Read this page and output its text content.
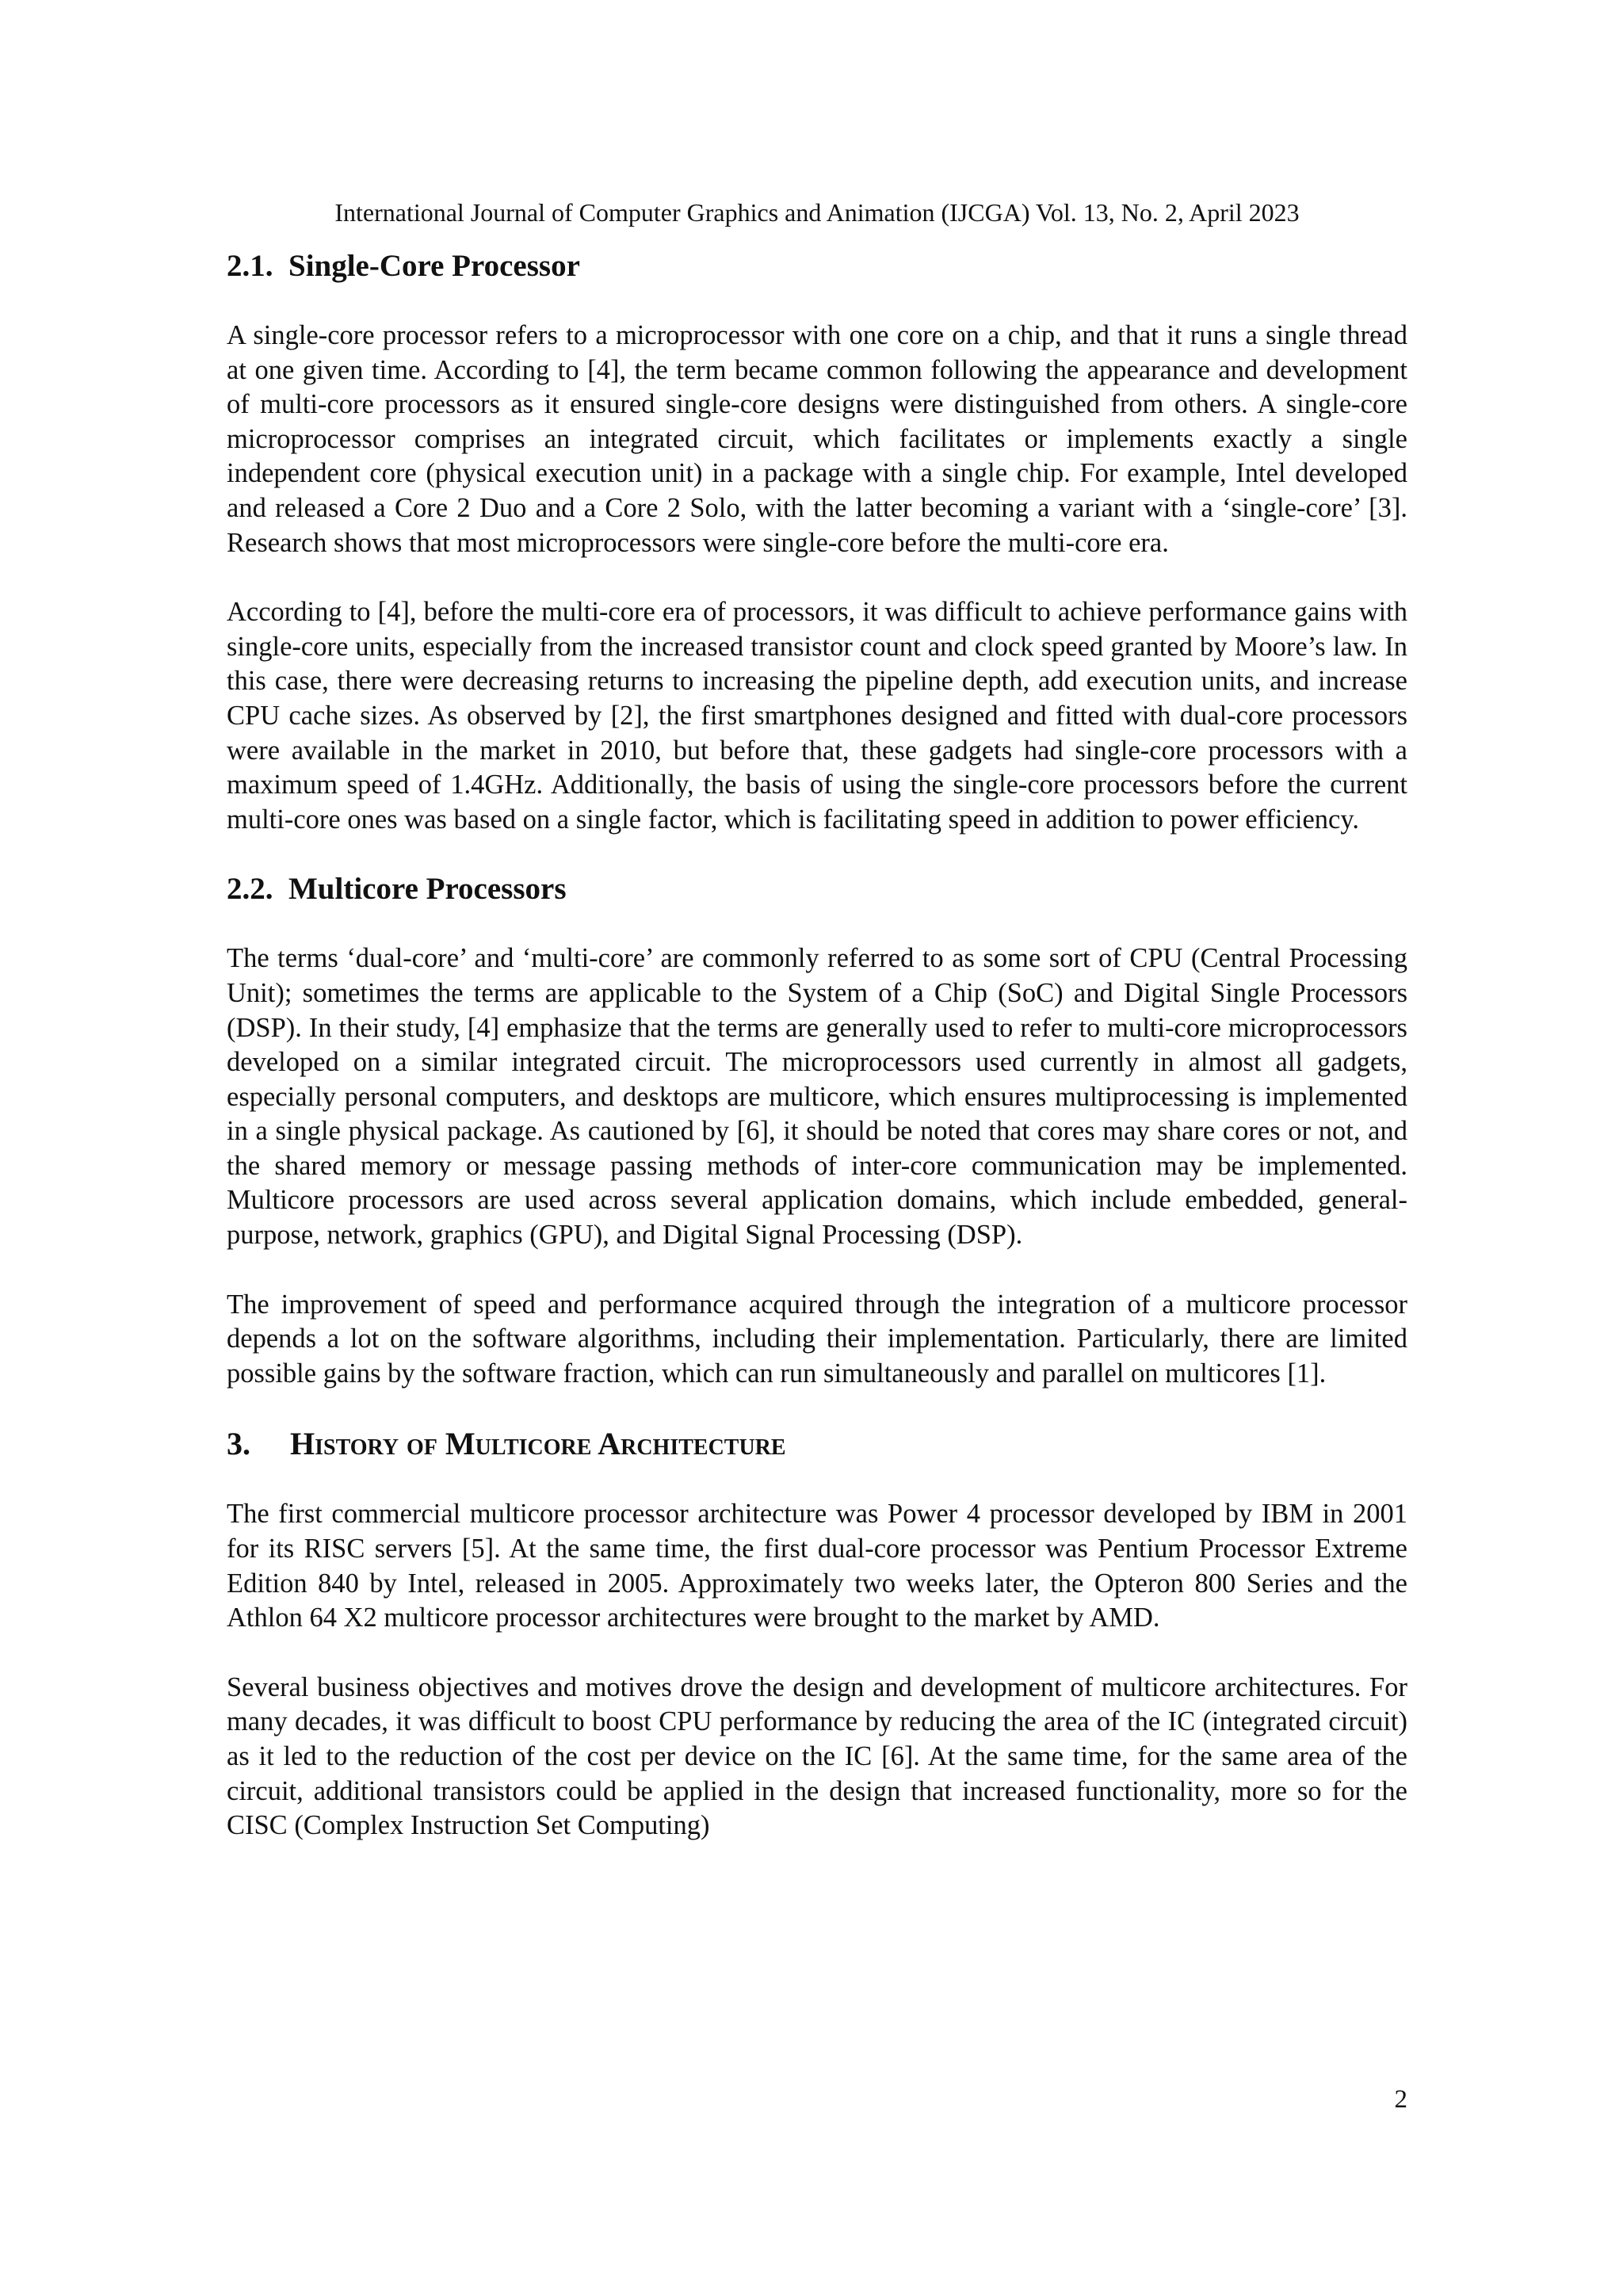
International Journal of Computer Graphics and Animation (IJCGA) Vol. 13, No. 2, April 2023
2.1. Single-Core Processor

A single-core processor refers to a microprocessor with one core on a chip, and that it runs a single thread at one given time. According to [4], the term became common following the appearance and development of multi-core processors as it ensured single-core designs were distinguished from others. A single-core microprocessor comprises an integrated circuit, which facilitates or implements exactly a single independent core (physical execution unit) in a package with a single chip. For example, Intel developed and released a Core 2 Duo and a Core 2 Solo, with the latter becoming a variant with a ‘single-core’ [3]. Research shows that most microprocessors were single-core before the multi-core era.

According to [4], before the multi-core era of processors, it was difficult to achieve performance gains with single-core units, especially from the increased transistor count and clock speed granted by Moore’s law. In this case, there were decreasing returns to increasing the pipeline depth, add execution units, and increase CPU cache sizes. As observed by [2], the first smartphones designed and fitted with dual-core processors were available in the market in 2010, but before that, these gadgets had single-core processors with a maximum speed of 1.4GHz. Additionally, the basis of using the single-core processors before the current multi-core ones was based on a single factor, which is facilitating speed in addition to power efficiency.

2.2. Multicore Processors

The terms ‘dual-core’ and ‘multi-core’ are commonly referred to as some sort of CPU (Central Processing Unit); sometimes the terms are applicable to the System of a Chip (SoC) and Digital Single Processors (DSP). In their study, [4] emphasize that the terms are generally used to refer to multi-core microprocessors developed on a similar integrated circuit. The microprocessors used currently in almost all gadgets, especially personal computers, and desktops are multicore, which ensures multiprocessing is implemented in a single physical package. As cautioned by [6], it should be noted that cores may share cores or not, and the shared memory or message passing methods of inter-core communication may be implemented. Multicore processors are used across several application domains, which include embedded, general-purpose, network, graphics (GPU), and Digital Signal Processing (DSP).

The improvement of speed and performance acquired through the integration of a multicore processor depends a lot on the software algorithms, including their implementation. Particularly, there are limited possible gains by the software fraction, which can run simultaneously and parallel on multicores [1].

3. History of Multicore Architecture

The first commercial multicore processor architecture was Power 4 processor developed by IBM in 2001 for its RISC servers [5]. At the same time, the first dual-core processor was Pentium Processor Extreme Edition 840 by Intel, released in 2005. Approximately two weeks later, the Opteron 800 Series and the Athlon 64 X2 multicore processor architectures were brought to the market by AMD.

Several business objectives and motives drove the design and development of multicore architectures. For many decades, it was difficult to boost CPU performance by reducing the area of the IC (integrated circuit) as it led to the reduction of the cost per device on the IC [6]. At the same time, for the same area of the circuit, additional transistors could be applied in the design that increased functionality, more so for the CISC (Complex Instruction Set Computing)

2
